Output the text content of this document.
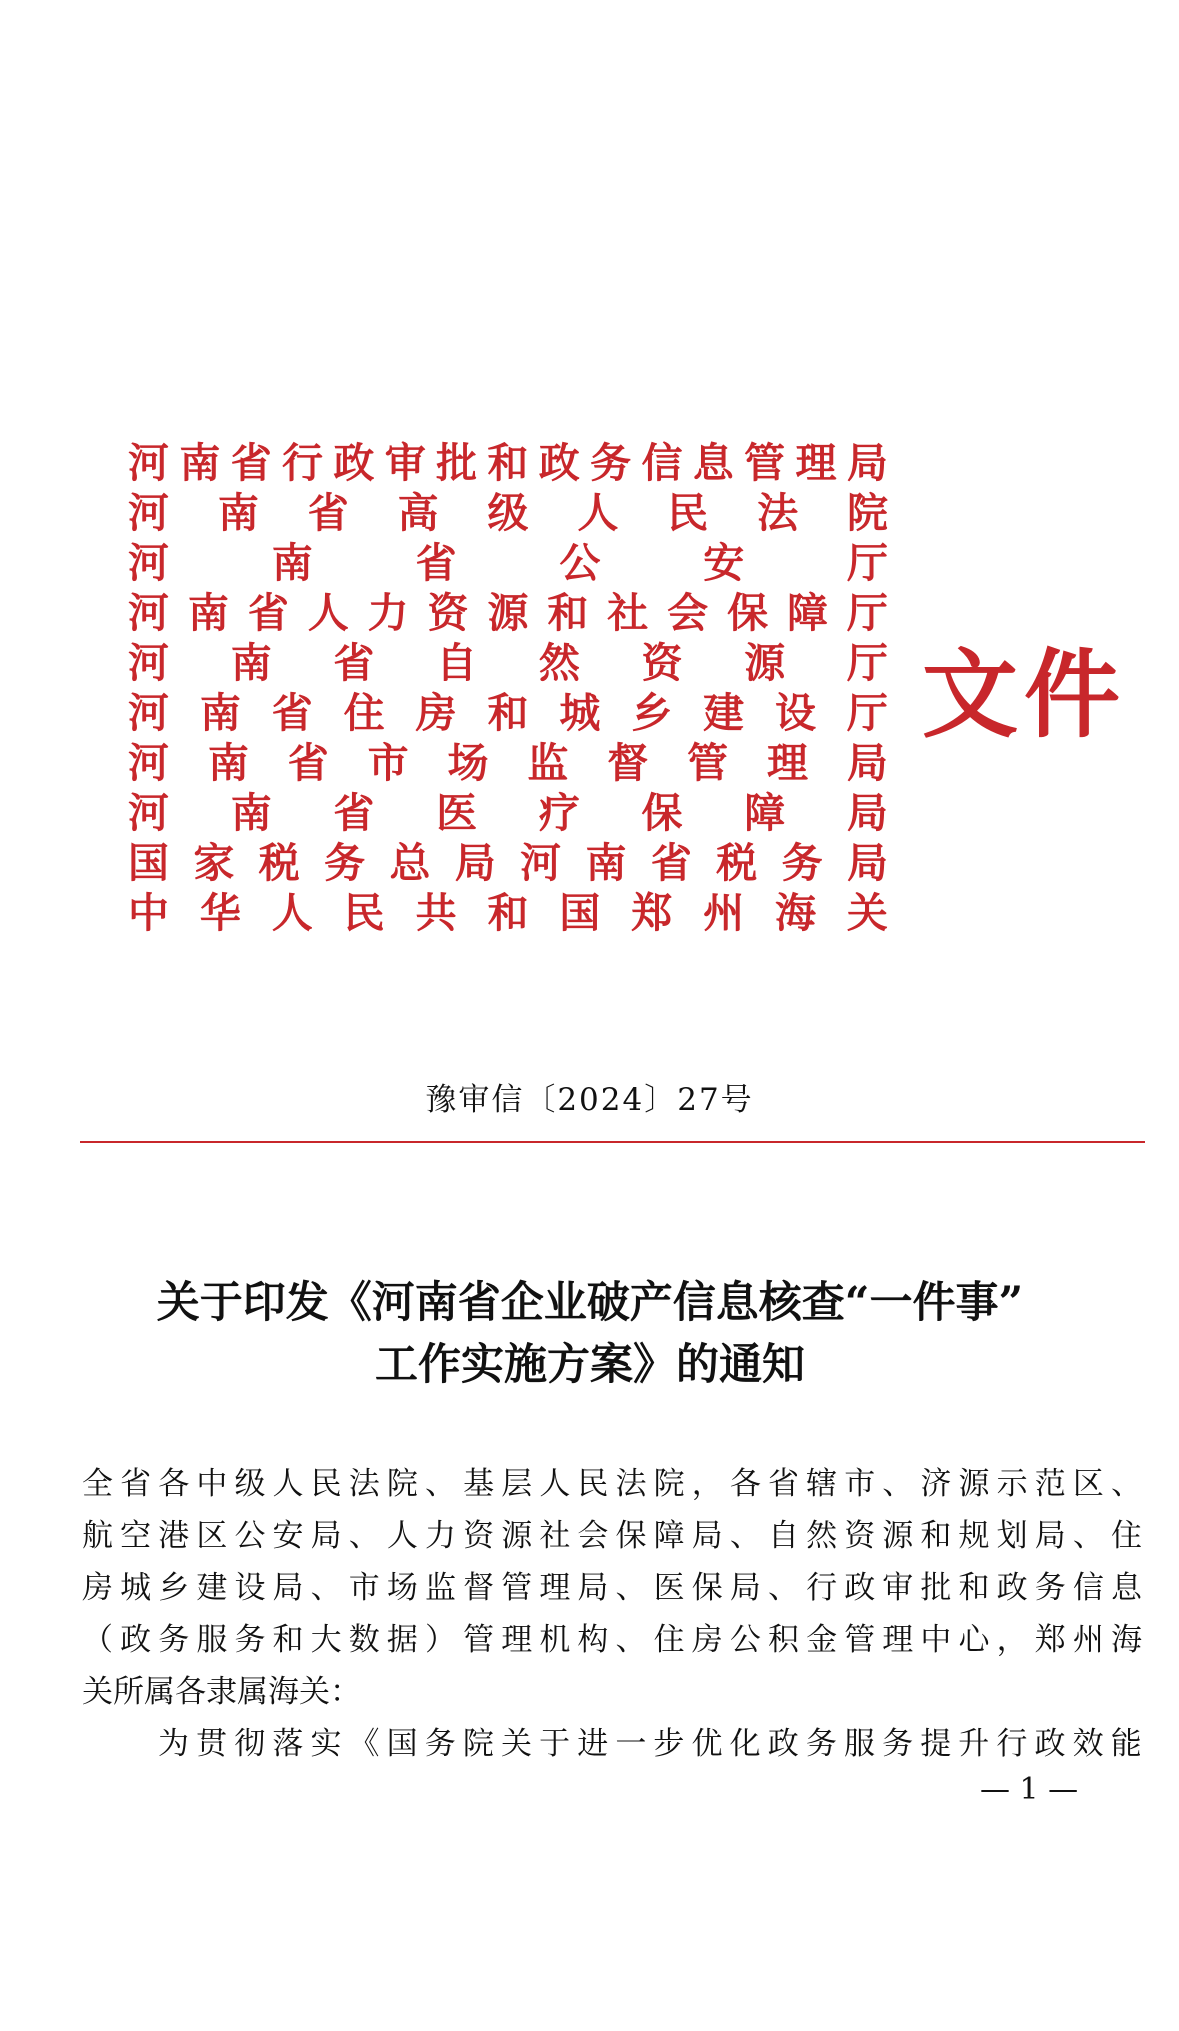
河 南 省 行 政 审 批 和 政 务 信 息 管 理 局
河 南 省 高 级 人 民 法 院
河	南	省	公	安	厅
河 南 省 人 力 资 源 和 社 会 保 障 厅
河 南 省 自 然 资 源 厅
河 南 省 住 房 和 城 乡 建 设 厅
河 南 省 市 场 监 督 管 理 局
河 南 省 医 疗 保 障 局
国 家 税 务 总 局 河 南 省 税 务 局
中 华 人 民 共 和 国 郑 州 海 关
文件
豫审信〔2024〕27号
关于印发《河南省企业破产信息核查“一件事”
工作实施方案》的通知
全 省 各 中 级 人 民 法 院 、 基 层 人 民 法 院 ， 各 省 辖 市 、 济 源 示 范 区 、
航 空 港 区 公 安 局 、 人 力 资 源 社 会 保 障 局 、 自 然 资 源 和 规 划 局 、 住
房 城 乡 建 设 局 、 市 场 监 督 管 理 局 、 医 保 局 、 行 政 审 批 和 政 务 信 息
（ 政 务 服 务 和 大 数 据 ） 管 理 机 构 、 住 房 公 积 金 管 理 中 心 ， 郑 州 海
关所属各隶属海关：
为 贯 彻 落 实 《 国 务 院 关 于 进 一 步 优 化 政 务 服 务 提 升 行 政 效 能
— 1 —
